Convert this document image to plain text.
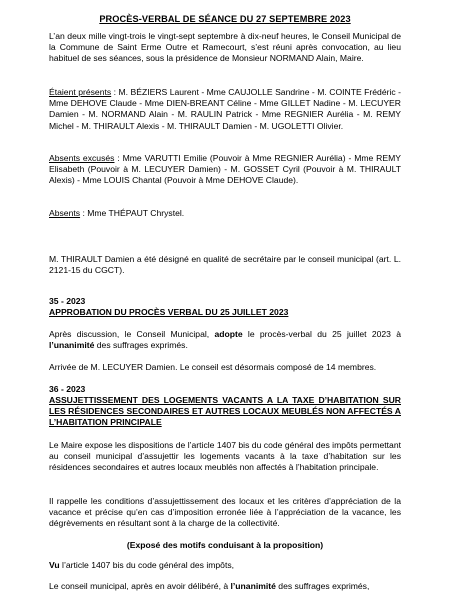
PROCÈS-VERBAL DE SÉANCE DU 27 SEPTEMBRE 2023
L’an deux mille vingt-trois le vingt-sept septembre à dix-neuf heures, le Conseil Municipal de la Commune de Saint Erme Outre et Ramecourt, s’est réuni après convocation, au lieu habituel de ses séances, sous la présidence de Monsieur NORMAND Alain, Maire.
Étaient présents : M. BÉZIERS Laurent - Mme CAUJOLLE Sandrine - M. COINTE Frédéric - Mme DEHOVE Claude - Mme DIEN-BREANT Céline - Mme GILLET Nadine - M. LECUYER Damien - M. NORMAND Alain - M. RAULIN Patrick - Mme REGNIER Aurélia - M. REMY Michel - M. THIRAULT Alexis - M. THIRAULT Damien - M. UGOLETTI Olivier.
Absents excusés : Mme VARUTTI Emilie (Pouvoir à Mme REGNIER Aurélia) - Mme REMY Elisabeth (Pouvoir à M. LECUYER Damien) - M. GOSSET Cyril (Pouvoir à M. THIRAULT Alexis) - Mme LOUIS Chantal (Pouvoir à Mme DEHOVE Claude).
Absents : Mme THÉPAUT Chrystel.
M. THIRAULT Damien a été désigné en qualité de secrétaire par le conseil municipal (art. L. 2121-15 du CGCT).
35 - 2023
APPROBATION DU PROCÈS VERBAL DU 25 JUILLET 2023
Après discussion, le Conseil Municipal, adopte le procès-verbal du 25 juillet 2023 à l’unanimité des suffrages exprimés.
Arrivée de M. LECUYER Damien. Le conseil est désormais composé de 14 membres.
36 - 2023
ASSUJETTISSEMENT DES LOGEMENTS VACANTS A LA TAXE D’HABITATION SUR LES RÉSIDENCES SECONDAIRES ET AUTRES LOCAUX MEUBLÉS NON AFFECTÉS A L’HABITATION PRINCIPALE
Le Maire expose les dispositions de l’article 1407 bis du code général des impôts permettant au conseil municipal d’assujettir les logements vacants à la taxe d’habitation sur les résidences secondaires et autres locaux meublés non affectés à l’habitation principale.
Il rappelle les conditions d’assujettissement des locaux et les critères d’appréciation de la vacance et précise qu’en cas d’imposition erronée liée à l’appréciation de la vacance, les dégrèvements en résultant sont à la charge de la collectivité.
(Exposé des motifs conduisant à la proposition)
Vu l’article 1407 bis du code général des impôts,
Le conseil municipal, après en avoir délibéré, à l’unanimité des suffrages exprimés,
